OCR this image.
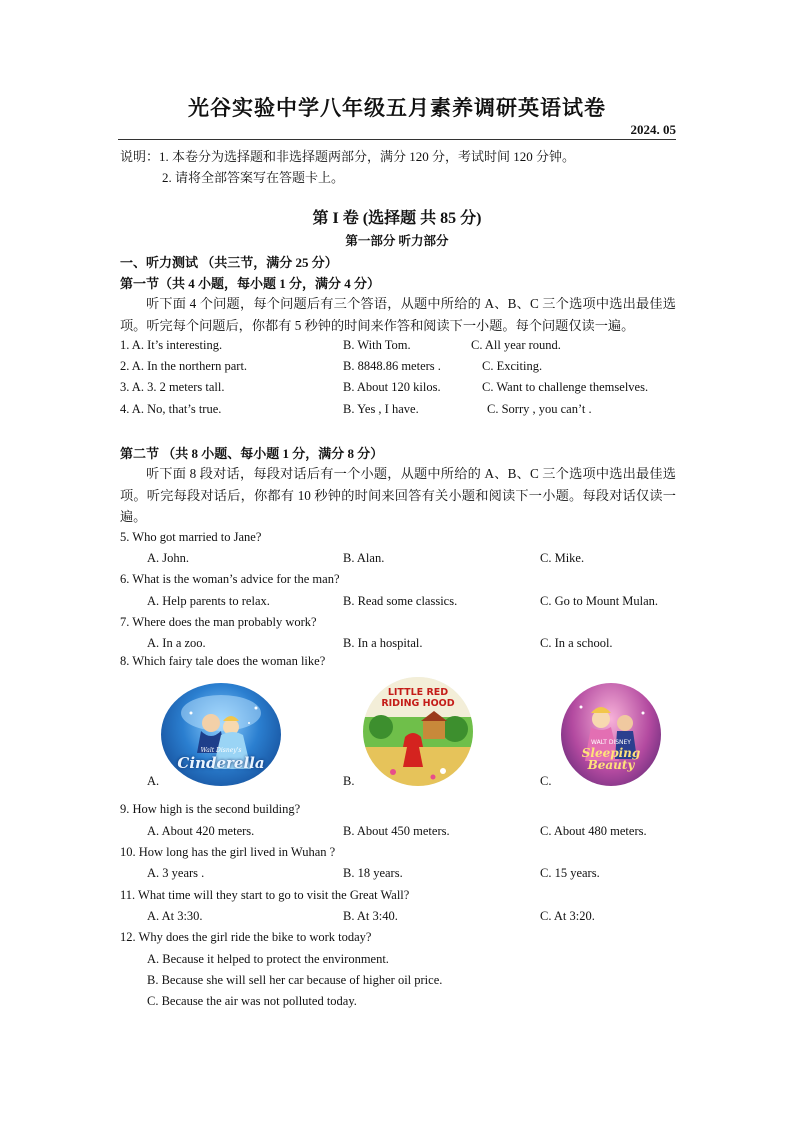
光谷实验中学八年级五月素养调研英语试卷
2024. 05
说明：1. 本卷分为选择题和非选择题两部分，满分 120 分，考试时间 120 分钟。
2. 请将全部答案写在答题卡上。
第 I 卷 (选择题 共 85 分)
第一部分 听力部分
一、听力测试 （共三节，满分 25 分）
第一节（共 4 小题，每小题 1 分，满分 4 分）
听下面 4 个问题，每个问题后有三个答语，从题中所给的 A、B、C 三个选项中选出最佳选项。听完每个问题后，你都有 5 秒钟的时间来作答和阅读下一小题。每个问题仅读一遍。
1. A. It’s interesting.	B. With Tom.	C. All year round.
2. A. In the northern part.	B. 8848.86 meters .	C. Exciting.
3. A. 3. 2 meters tall.	B. About 120 kilos.	C. Want to challenge themselves.
4. A. No, that’s true.	B. Yes , I have.	C. Sorry , you can’t .
第二节 （共 8 小题、每小题 1 分，满分 8 分）
听下面 8 段对话，每段对话后有一个小题，从题中所给的 A、B、C 三个选项中选出最佳选项。听完每段对话后，你都有 10 秒钟的时间来回答有关小题和阅读下一小题。每段对话仅读一遍。
5. Who got married to Jane?
A. John.	B. Alan.	C. Mike.
6. What is the woman’s advice for the man?
A. Help parents to relax.	B. Read some classics.	C. Go to Mount Mulan.
7. Where does the man probably work?
A. In a zoo.	B. In a hospital.	C. In a school.
8. Which fairy tale does the woman like?
Walt Disney's
Cinderella
LITTLE RED RIDING HOOD
WALT DISNEY
Sleeping Beauty
A.	B.	C.
9. How high is the second building?
A. About 420 meters.	B. About 450 meters.	C. About 480 meters.
10. How long has the girl lived in Wuhan ?
A. 3 years .	B. 18 years.	C. 15 years.
11. What time will they start to go to visit the Great Wall?
A. At 3:30.	B. At 3:40.	C. At 3:20.
12. Why does the girl ride the bike to work today?
A. Because it helped to protect the environment.
B. Because she will sell her car because of higher oil price.
C. Because the air was not polluted today.
